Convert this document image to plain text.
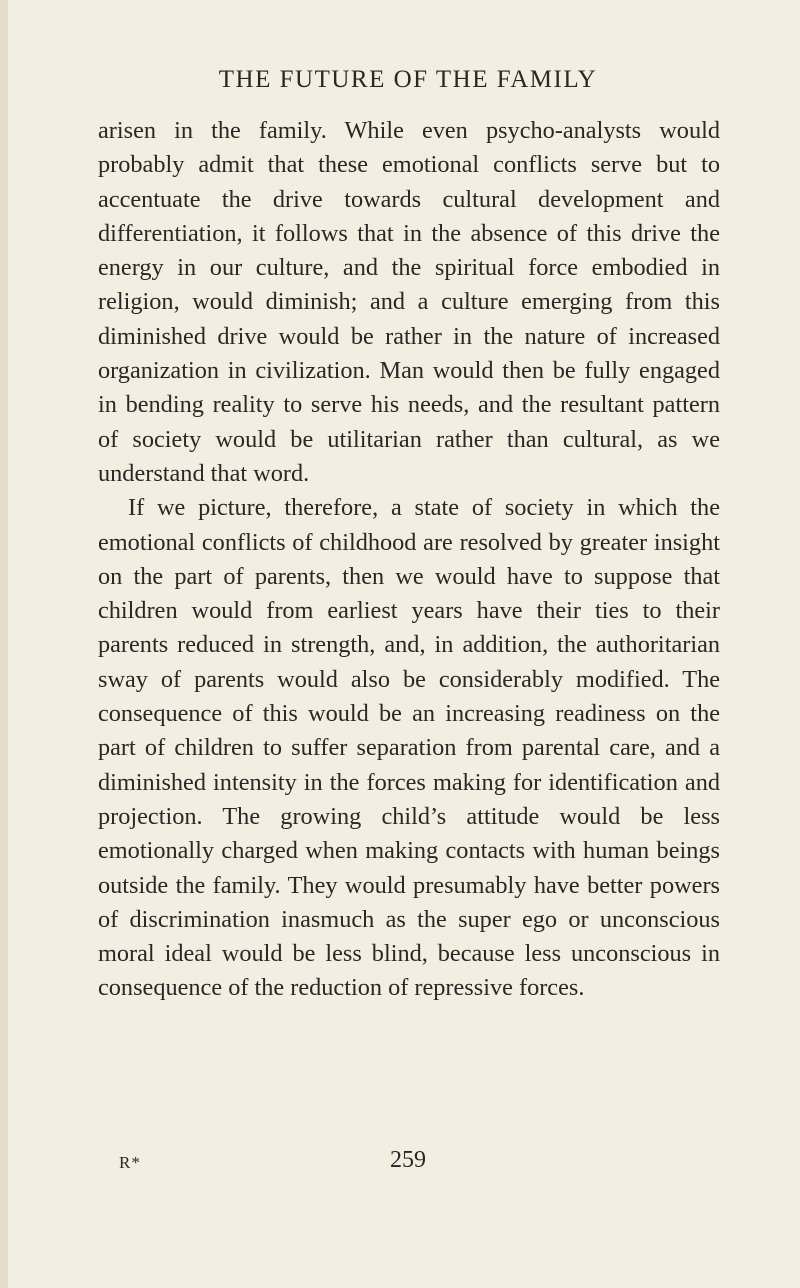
THE FUTURE OF THE FAMILY

arisen in the family. While even psycho-analysts would probably admit that these emotional conflicts serve but to accentuate the drive towards cultural development and differentiation, it follows that in the absence of this drive the energy in our culture, and the spiritual force embodied in religion, would diminish; and a culture emerging from this diminished drive would be rather in the nature of increased organization in civilization. Man would then be fully engaged in bending reality to serve his needs, and the resultant pattern of society would be utilitarian rather than cultural, as we understand that word.

If we picture, therefore, a state of society in which the emotional conflicts of childhood are resolved by greater insight on the part of parents, then we would have to suppose that children would from earliest years have their ties to their parents reduced in strength, and, in addition, the authoritarian sway of parents would also be considerably modified. The consequence of this would be an increasing readiness on the part of children to suffer separation from parental care, and a diminished intensity in the forces making for identification and projection. The growing child’s attitude would be less emotionally charged when making contacts with human beings outside the family. They would presumably have better powers of discrimination inasmuch as the super ego or unconscious moral ideal would be less blind, because less unconscious in consequence of the reduction of repressive forces.

R*	259
